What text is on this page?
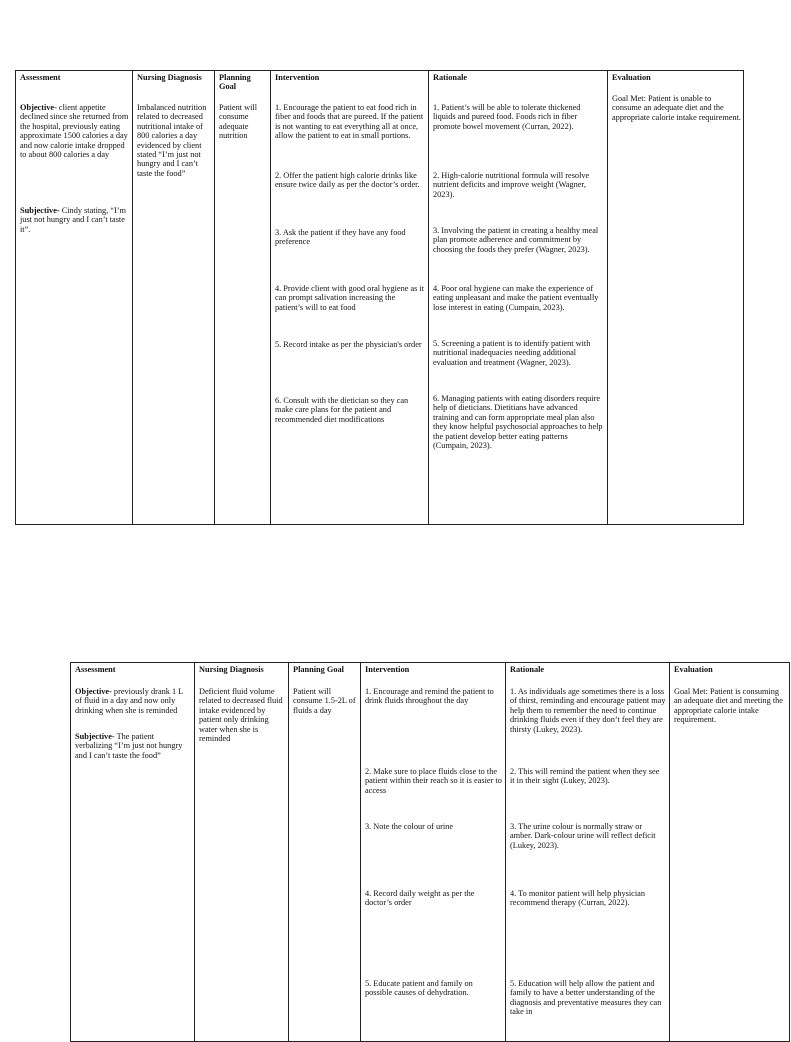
Assessment
Objective- client appetite declined since she returned from the hospital, previously eating approximate 1500 calories a day and now calorie intake dropped to about 800 calories a day
Subjective- Cindy stating, “I’m just not hungry and I can’t taste it”.
Nursing Diagnosis
Imbalanced nutrition related to decreased nutritional intake of 800 calories a day evidenced by client stated “I’m just not hungry and I can’t taste the food”
Planning Goal
Patient will consume adequate nutrition
Intervention
1. Encourage the patient to eat food rich in fiber and foods that are pureed. If the patient is not wanting to eat everything all at once, allow the patient to eat in small portions.
2. Offer the patient high calorie drinks like ensure twice daily as per the doctor’s order.
3. Ask the patient if they have any food preference
4. Provide client with good oral hygiene as it can prompt salivation increasing the patient’s will to eat food
5. Record intake as per the physician's order
6. Consult with the dietician so they can make care plans for the patient and recommended diet modifications
Rationale
1. Patient’s will be able to tolerate thickened liquids and pureed food. Foods rich in fiber promote bowel movement (Curran, 2022).
2. High-calorie nutritional formula will resolve nutrient deficits and improve weight (Wagner, 2023).
3. Involving the patient in creating a healthy meal plan promote adherence and commitment by choosing the foods they prefer (Wagner, 2023).
4. Poor oral hygiene can make the experience of eating unpleasant and make the patient eventually lose interest in eating (Cumpain, 2023).
5. Screening a patient is to identify patient with nutritional inadequacies needing additional evaluation and treatment (Wagner, 2023).
6. Managing patients with eating disorders require help of dieticians. Dietitians have advanced training and can form appropriate meal plan also they know helpful psychosocial approaches to help the patient develop better eating patterns (Cumpain, 2023).
Evaluation
Goal Met: Patient is unable to consume an adequate diet and the appropriate calorie intake requirement.
Assessment
Objective- previously drank 1 L of fluid in a day and now only drinking when she is reminded
Subjective- The patient verbalizing “I’m just not hungry and I can’t taste the food”
Nursing Diagnosis
Deficient fluid volume related to decreased fluid intake evidenced by patient only drinking water when she is reminded
Planning Goal
Patient will consume 1.5-2L of fluids a day
Intervention
1. Encourage and remind the patient to drink fluids throughout the day
2. Make sure to place fluids close to the patient within their reach so it is easier to access
3. Note the colour of urine
4. Record daily weight as per the doctor’s order
5. Educate patient and family on possible causes of dehydration.
Rationale
1. As individuals age sometimes there is a loss of thirst, reminding and encourage patient may help them to remember the need to continue drinking fluids even if they don’t feel they are thirsty (Lukey, 2023).
2. This will remind the patient when they see it in their sight (Lukey, 2023).
3. The urine colour is normally straw or amber. Dark-colour urine will reflect deficit (Lukey, 2023).
4. To monitor patient will help physician recommend therapy (Curran, 2022).
5. Education will help allow the patient and family to have a better understanding of the diagnosis and preventative measures they can take in
Evaluation
Goal Met: Patient is consuming an adequate diet and meeting the appropriate calorie intake requirement.
